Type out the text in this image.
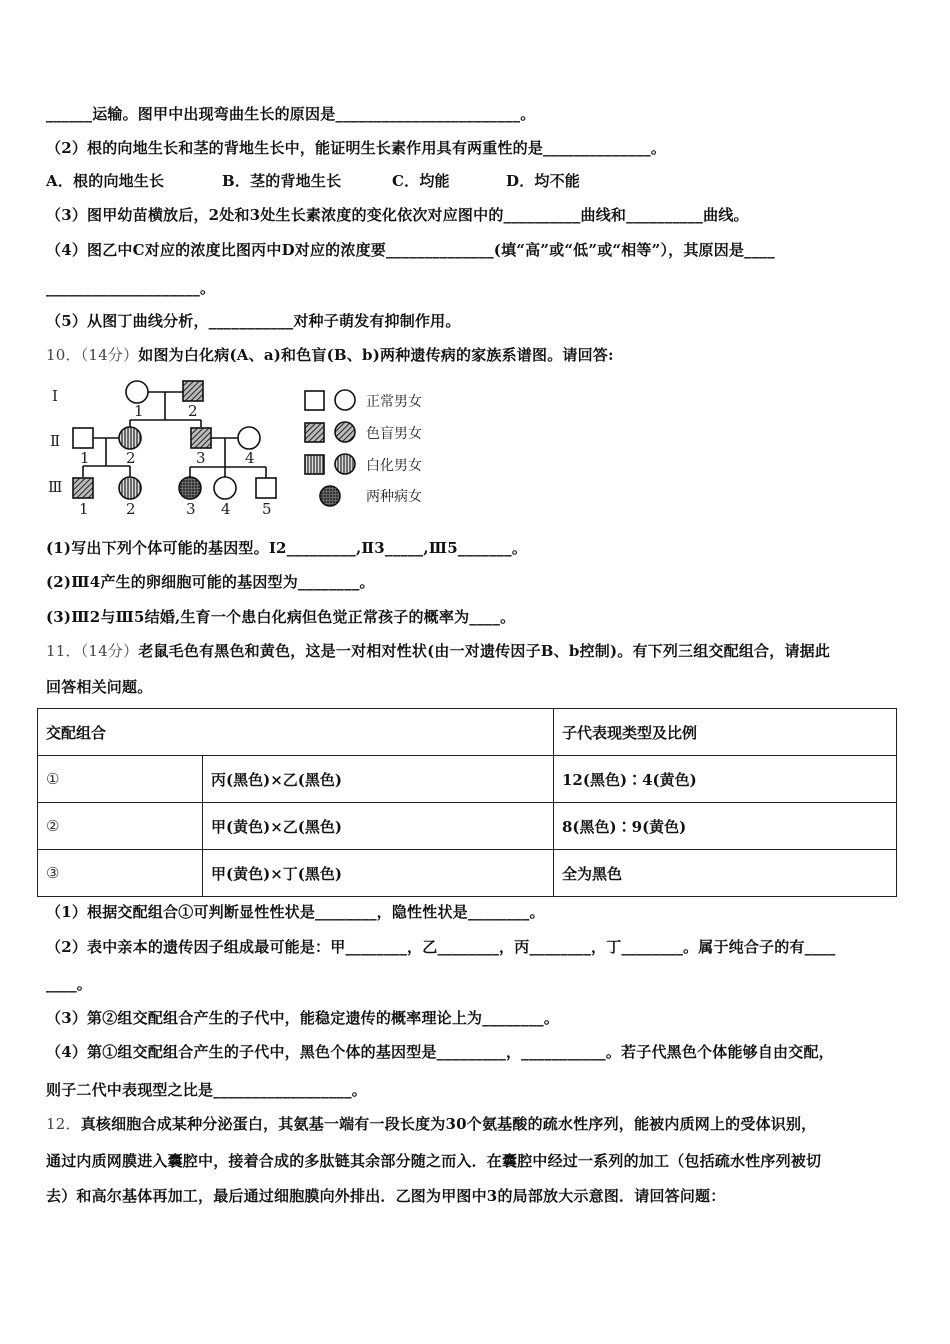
______运输。图甲中出现弯曲生长的原因是________________________。
（2）根的向地生长和茎的背地生长中，能证明生长素作用具有两重性的是______________。
A．根的向地生长	B．茎的背地生长	C．均能	D．均不能
（3）图甲幼苗横放后，2处和3处生长素浓度的变化依次对应图中的__________曲线和__________曲线。
（4）图乙中C对应的浓度比图丙中D对应的浓度要______________(填“高”或“低”或“相等”），其原因是____
____________________。
（5）从图丁曲线分析，___________对种子萌发有抑制作用。
10．（14分）如图为白化病(A、a)和色盲(B、b)两种遗传病的家族系谱图。请回答:
Ⅰ
Ⅱ
Ⅲ
1	2
1 2	3	4
1 2	3 4 5
正常男女
色盲男女
白化男女
两种病女
(1)写出下列个体可能的基因型。Ⅰ2_________,Ⅱ3_____,Ⅲ5_______。
(2)Ⅲ4产生的卵细胞可能的基因型为________。
(3)Ⅲ2与Ⅲ5结婚,生育一个患白化病但色觉正常孩子的概率为____。
11．（14分）老鼠毛色有黑色和黄色，这是一对相对性状(由一对遗传因子B、b控制)。有下列三组交配组合，请据此
回答相关问题。
交配组合		子代表现类型及比例
①	丙(黑色)×乙(黑色)	12(黑色)∶4(黄色)
②	甲(黄色)×乙(黑色)	8(黑色)∶9(黄色)
③	甲(黄色)×丁(黑色)	全为黑色
（1）根据交配组合①可判断显性性状是________，隐性性状是________。
（2）表中亲本的遗传因子组成最可能是：甲________，乙________，丙________，丁________。属于纯合子的有____
____。
（3）第②组交配组合产生的子代中，能稳定遗传的概率理论上为________。
（4）第①组交配组合产生的子代中，黑色个体的基因型是_________，___________。若子代黑色个体能够自由交配，
则子二代中表现型之比是__________________。
12．真核细胞合成某种分泌蛋白，其氨基一端有一段长度为30个氨基酸的疏水性序列，能被内质网上的受体识别，
通过内质网膜进入囊腔中，接着合成的多肽链其余部分随之而入．在囊腔中经过一系列的加工（包括疏水性序列被切
去）和高尔基体再加工，最后通过细胞膜向外排出．乙图为甲图中3的局部放大示意图．请回答问题：
